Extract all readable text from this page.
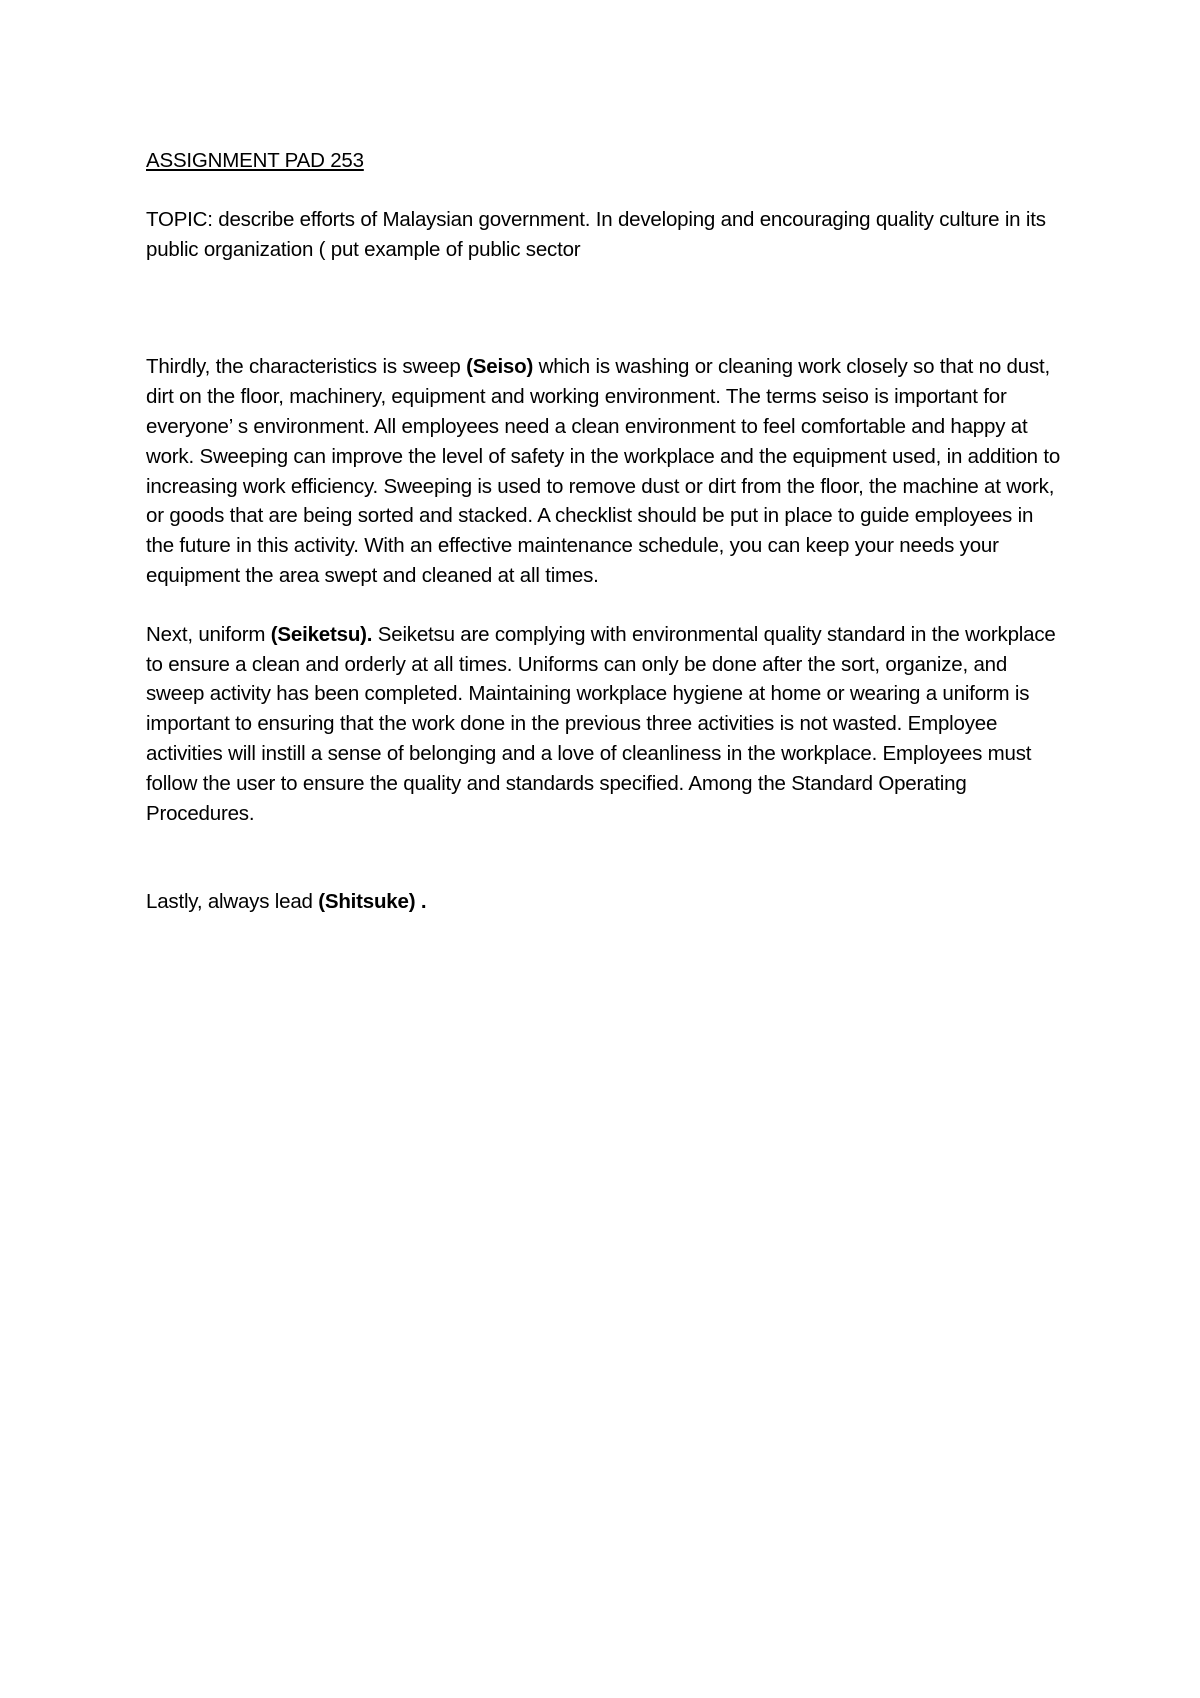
ASSIGNMENT PAD 253

TOPIC: describe efforts of Malaysian government. In developing and encouraging quality culture in its public organization ( put example of public sector

Thirdly, the characteristics is sweep (Seiso) which is washing or cleaning work closely so that no dust, dirt on the floor, machinery, equipment and working environment. The terms seiso is important for everyone’ s environment. All employees need a clean environment to feel comfortable and happy at work. Sweeping can improve the level of safety in the workplace and the equipment used, in addition to increasing work efficiency. Sweeping is used to remove dust or dirt from the floor, the machine at work, or goods that are being sorted and stacked. A checklist should be put in place to guide employees in the future in this activity. With an effective maintenance schedule, you can keep your needs your equipment the area swept and cleaned at all times.

Next, uniform (Seiketsu). Seiketsu are complying with environmental quality standard in the workplace to ensure a clean and orderly at all times. Uniforms can only be done after the sort, organize, and sweep activity has been completed. Maintaining workplace hygiene at home or wearing a uniform is important to ensuring that the work done in the previous three activities is not wasted. Employee activities will instill a sense of belonging and a love of cleanliness in the workplace. Employees must follow the user to ensure the quality and standards specified. Among the Standard Operating Procedures.

Lastly, always lead (Shitsuke) .
